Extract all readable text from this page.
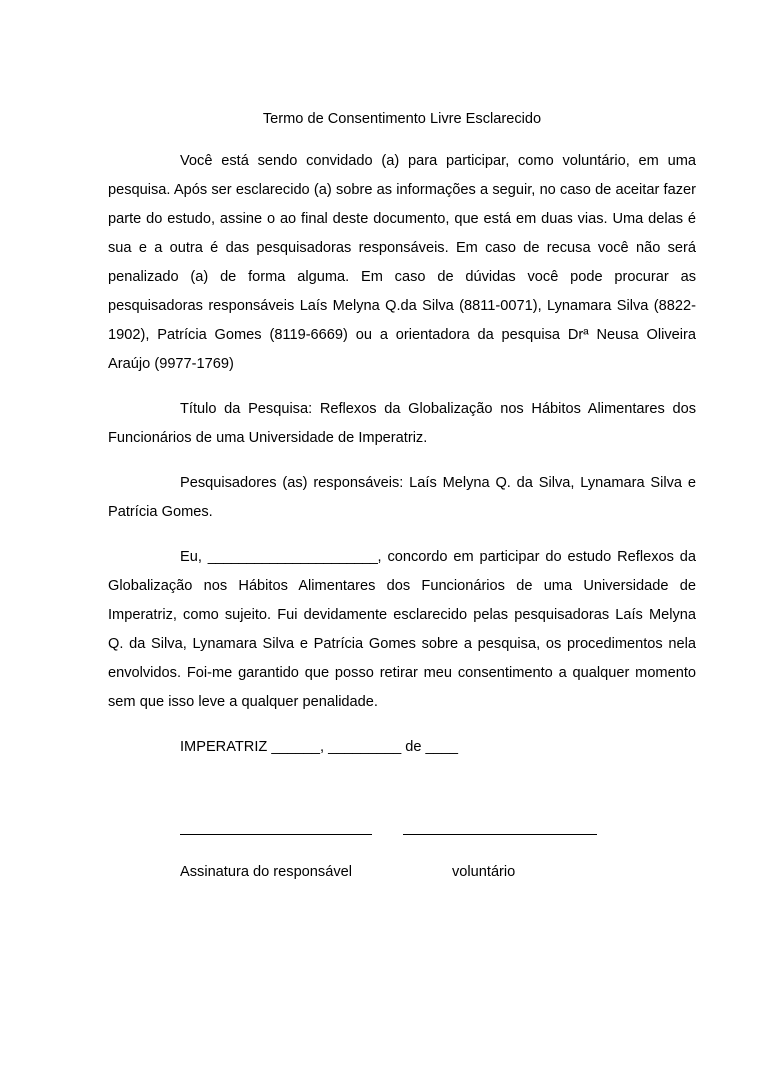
Termo de Consentimento Livre Esclarecido

Você está sendo convidado (a) para participar, como voluntário, em uma pesquisa. Após ser esclarecido (a) sobre as informações a seguir, no caso de aceitar fazer parte do estudo, assine o ao final deste documento, que está em duas vias. Uma delas é sua e a outra é das pesquisadoras responsáveis. Em caso de recusa você não será penalizado (a) de forma alguma. Em caso de dúvidas você pode procurar as pesquisadoras responsáveis Laís Melyna Q.da Silva (8811-0071), Lynamara Silva (8822-1902), Patrícia Gomes (8119-6669) ou a orientadora da pesquisa Drª Neusa Oliveira Araújo (9977-1769)

Título da Pesquisa: Reflexos da Globalização nos Hábitos Alimentares dos Funcionários de uma Universidade de Imperatriz.

Pesquisadores (as) responsáveis: Laís Melyna Q. da Silva, Lynamara Silva e Patrícia Gomes.

Eu, ______________________, concordo em participar do estudo Reflexos da Globalização nos Hábitos Alimentares dos Funcionários de uma Universidade de Imperatriz, como sujeito. Fui devidamente esclarecido pelas pesquisadoras Laís Melyna Q. da Silva, Lynamara Silva e Patrícia Gomes sobre a pesquisa, os procedimentos nela envolvidos. Foi-me garantido que posso retirar meu consentimento a qualquer momento sem que isso leve a qualquer penalidade.

IMPERATRIZ ______, _________ de ____
Assinatura do responsável	voluntário
